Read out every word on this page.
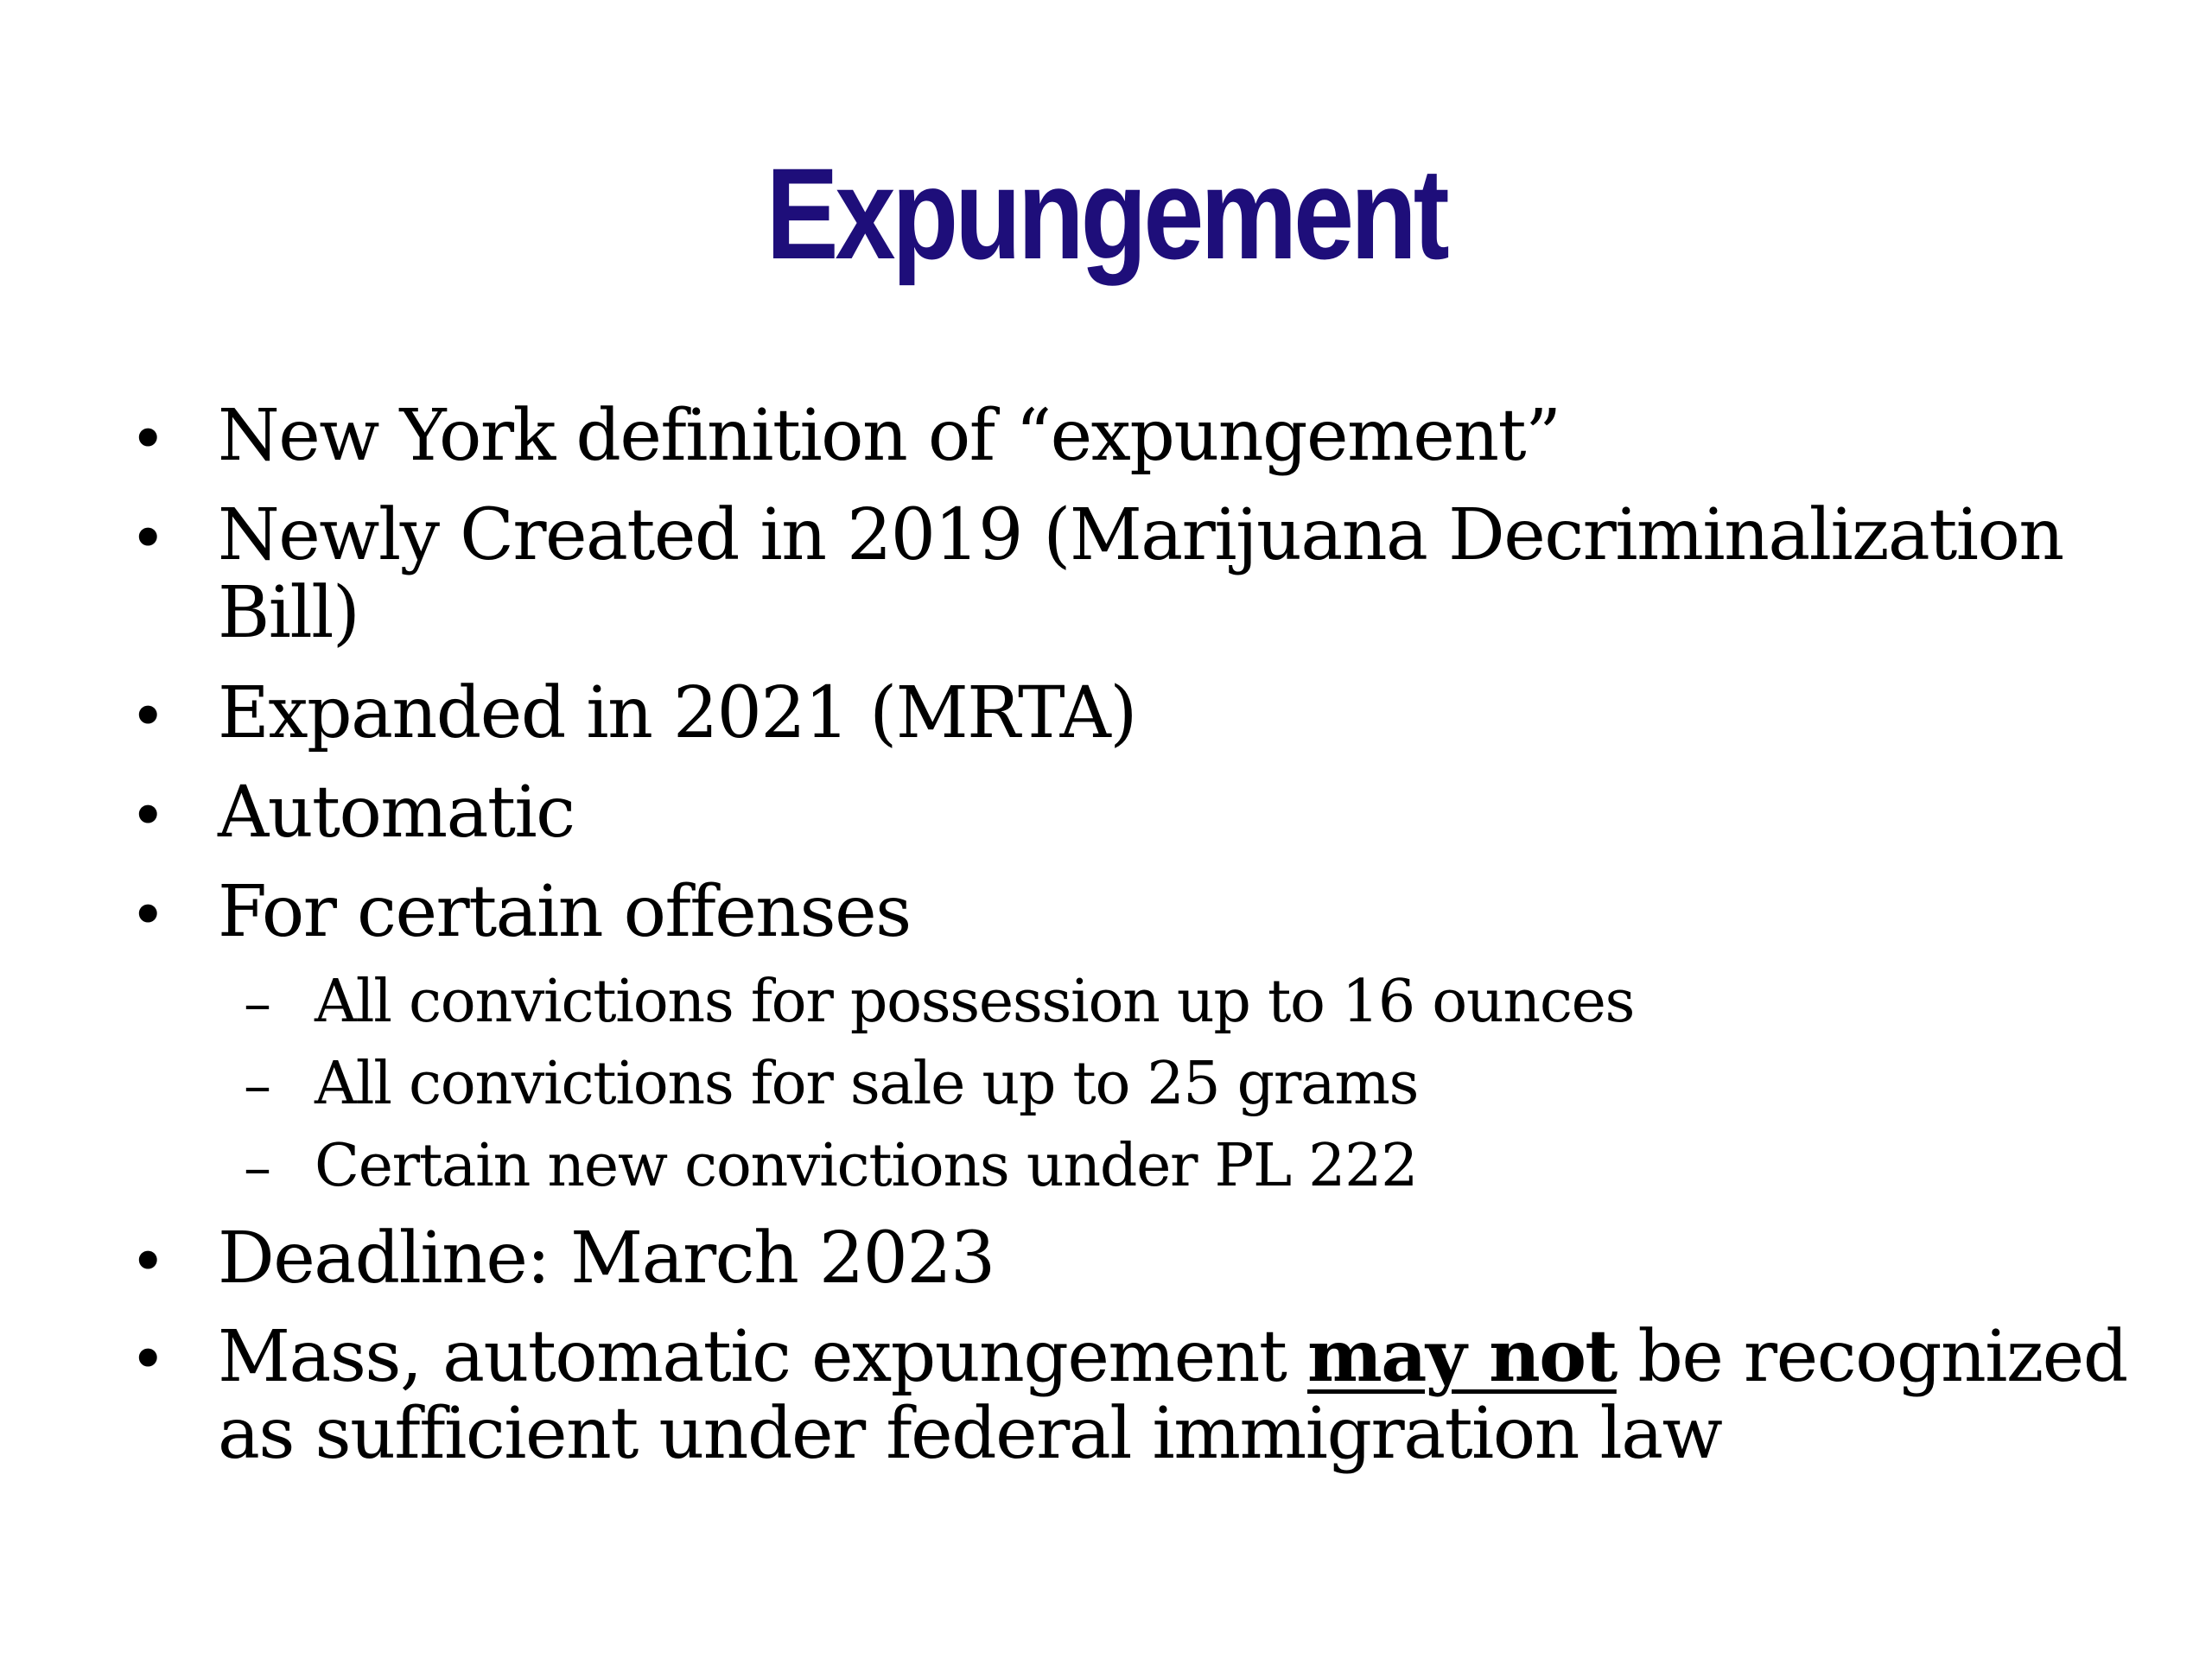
Expungement
• New York definition of “expungement”
• Newly Created in 2019 (Marijuana Decriminalization
Bill)
• Expanded in 2021 (MRTA)
• Automatic
• For certain offenses
– All convictions for possession up to 16 ounces
– All convictions for sale up to 25 grams
– Certain new convictions under PL 222
• Deadline: March 2023
• Mass, automatic expungement may not be recognized
as sufficient under federal immigration law
